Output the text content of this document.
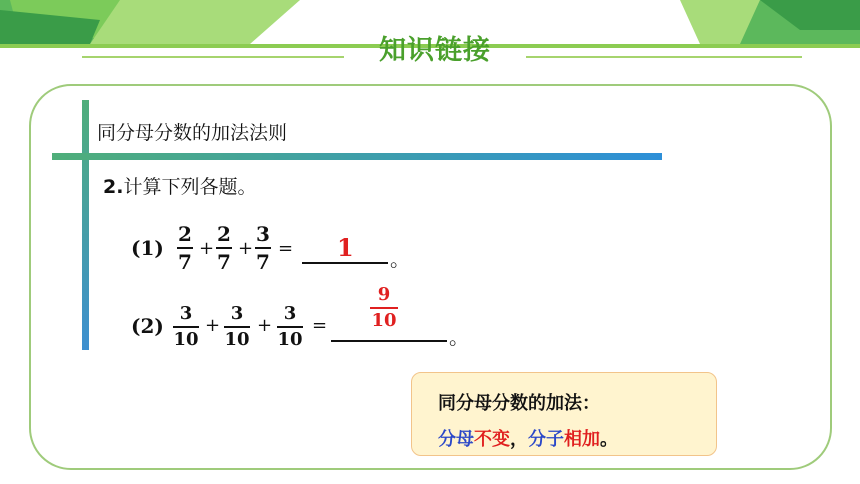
知识链接
同分母分数的加法法则
2.计算下列各题。
(1)
2
7
+
2
7
+
3
7
= 1 。
(2)
3
10
+
3
10
+
3
10
=
9
10
。
同分母分数的加法：
分母不变，分子相加。
